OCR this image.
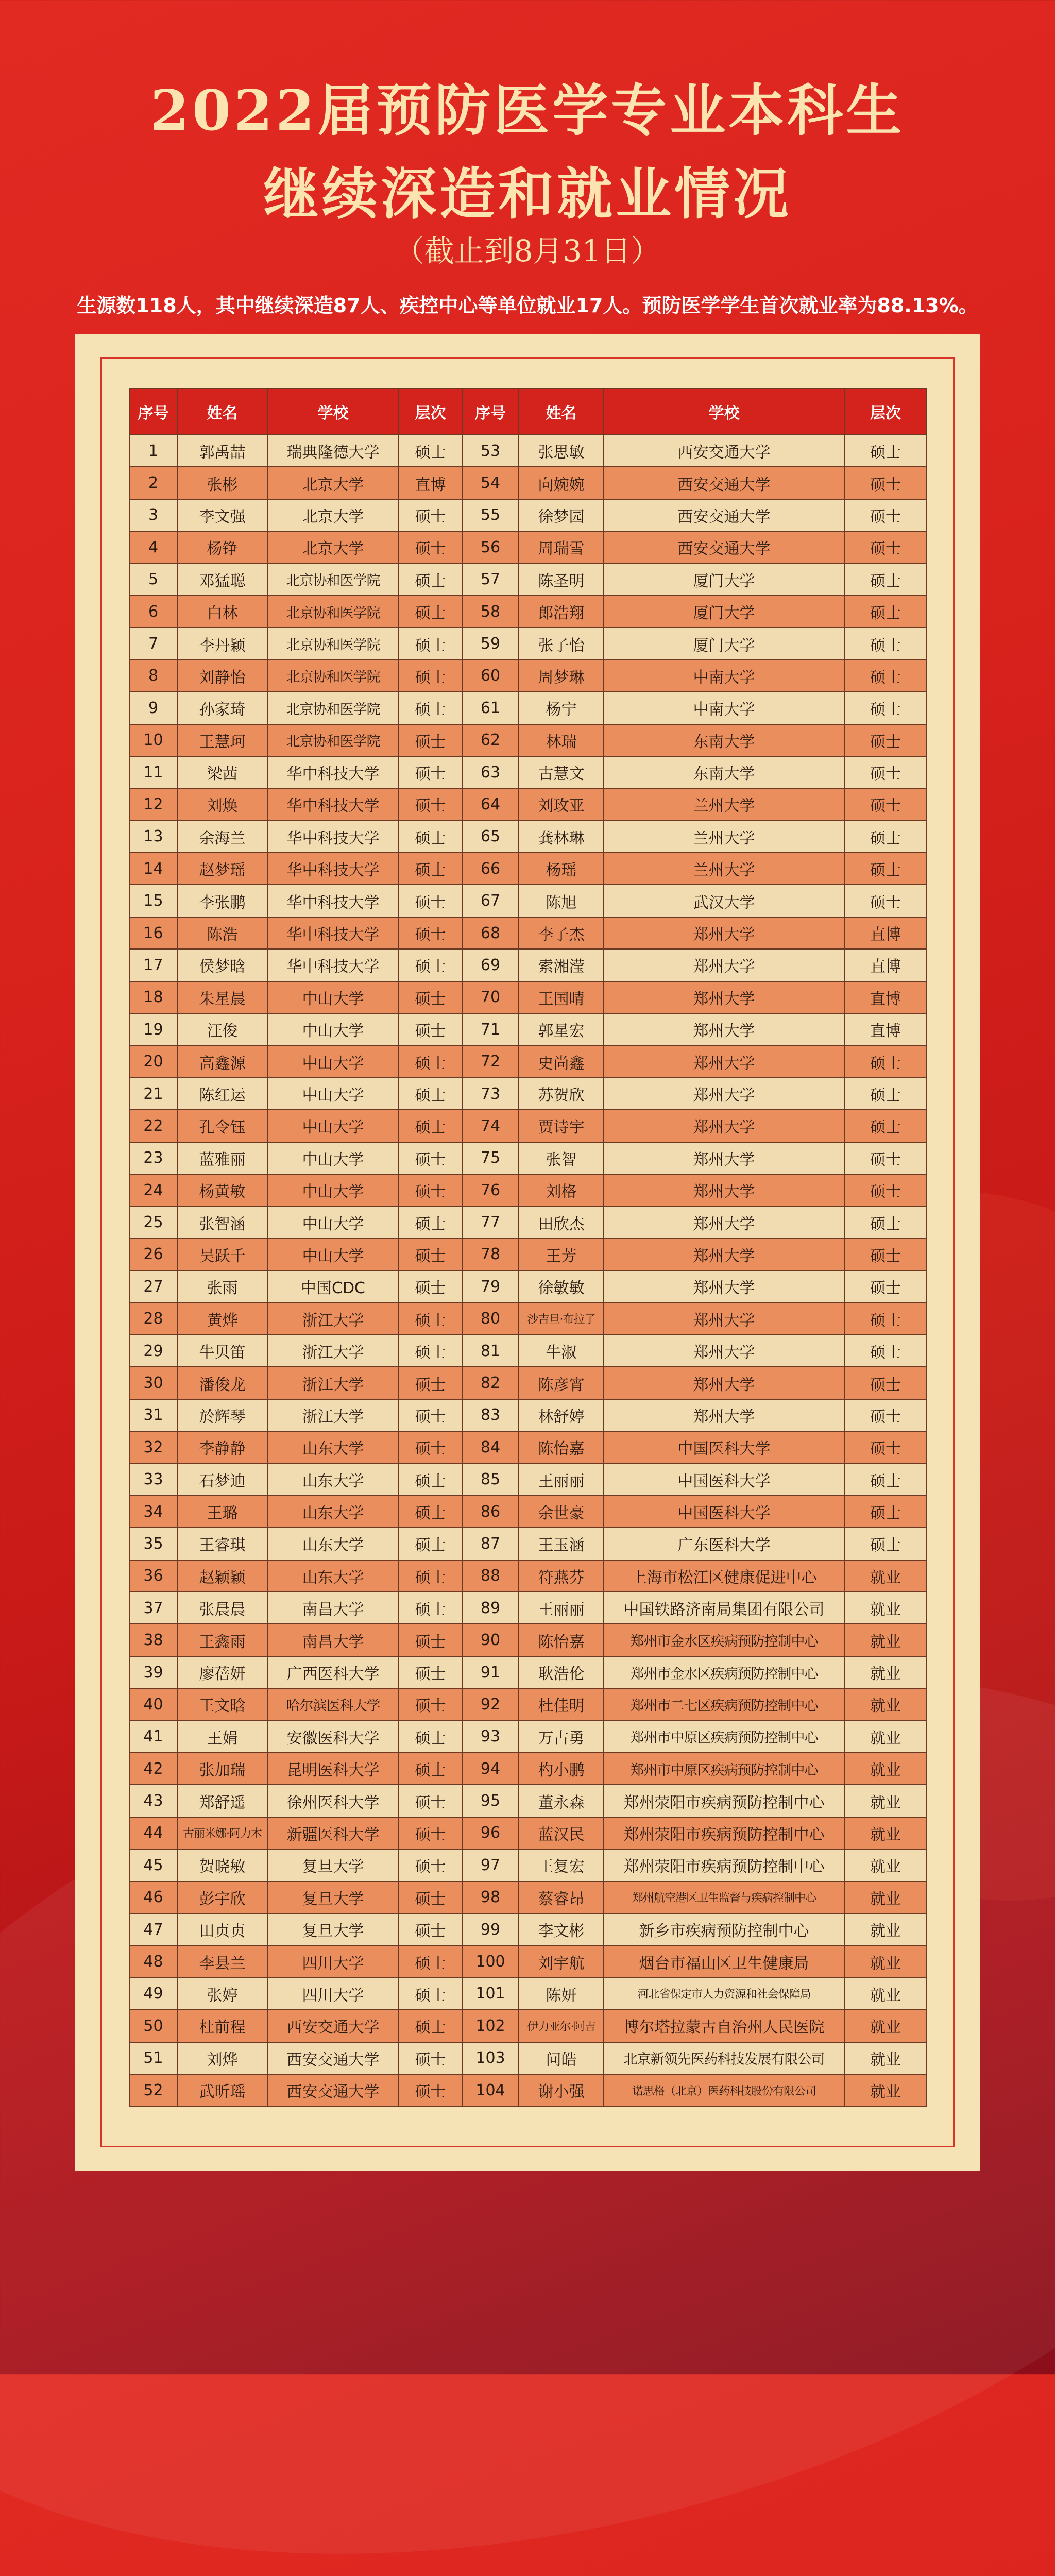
2022届预防医学专业本科生
继续深造和就业情况
（截止到8月31日）
生源数118人，其中继续深造87人、疾控中心等单位就业17人。预防医学学生首次就业率为88.13%。
序号	姓名	学校	层次	序号	姓名	学校	层次
1	郭禹喆	瑞典隆德大学	硕士	53	张思敏	西安交通大学	硕士
2	张彬	北京大学	直博	54	向婉婉	西安交通大学	硕士
3	李文强	北京大学	硕士	55	徐梦园	西安交通大学	硕士
4	杨铮	北京大学	硕士	56	周瑞雪	西安交通大学	硕士
5	邓猛聪	北京协和医学院	硕士	57	陈圣明	厦门大学	硕士
6	白林	北京协和医学院	硕士	58	郎浩翔	厦门大学	硕士
7	李丹颖	北京协和医学院	硕士	59	张子怡	厦门大学	硕士
8	刘静怡	北京协和医学院	硕士	60	周梦琳	中南大学	硕士
9	孙家琦	北京协和医学院	硕士	61	杨宁	中南大学	硕士
10	王慧珂	北京协和医学院	硕士	62	林瑞	东南大学	硕士
11	梁茜	华中科技大学	硕士	63	古慧文	东南大学	硕士
12	刘焕	华中科技大学	硕士	64	刘玫亚	兰州大学	硕士
13	余海兰	华中科技大学	硕士	65	龚林琳	兰州大学	硕士
14	赵梦瑶	华中科技大学	硕士	66	杨瑶	兰州大学	硕士
15	李张鹏	华中科技大学	硕士	67	陈旭	武汉大学	硕士
16	陈浩	华中科技大学	硕士	68	李子杰	郑州大学	直博
17	侯梦晗	华中科技大学	硕士	69	索湘滢	郑州大学	直博
18	朱星晨	中山大学	硕士	70	王国晴	郑州大学	直博
19	汪俊	中山大学	硕士	71	郭星宏	郑州大学	直博
20	高鑫源	中山大学	硕士	72	史尚鑫	郑州大学	硕士
21	陈红运	中山大学	硕士	73	苏贺欣	郑州大学	硕士
22	孔令钰	中山大学	硕士	74	贾诗宇	郑州大学	硕士
23	蓝雅丽	中山大学	硕士	75	张智	郑州大学	硕士
24	杨黄敏	中山大学	硕士	76	刘格	郑州大学	硕士
25	张智涵	中山大学	硕士	77	田欣杰	郑州大学	硕士
26	吴跃千	中山大学	硕士	78	王芳	郑州大学	硕士
27	张雨	中国CDC	硕士	79	徐敏敏	郑州大学	硕士
28	黄烨	浙江大学	硕士	80	沙吉旦·布拉了	郑州大学	硕士
29	牛贝笛	浙江大学	硕士	81	牛淑	郑州大学	硕士
30	潘俊龙	浙江大学	硕士	82	陈彦宵	郑州大学	硕士
31	於辉琴	浙江大学	硕士	83	林舒婷	郑州大学	硕士
32	李静静	山东大学	硕士	84	陈怡嘉	中国医科大学	硕士
33	石梦迪	山东大学	硕士	85	王丽丽	中国医科大学	硕士
34	王璐	山东大学	硕士	86	余世豪	中国医科大学	硕士
35	王睿琪	山东大学	硕士	87	王玉涵	广东医科大学	硕士
36	赵颖颖	山东大学	硕士	88	符燕芬	上海市松江区健康促进中心	就业
37	张晨晨	南昌大学	硕士	89	王丽丽	中国铁路济南局集团有限公司	就业
38	王鑫雨	南昌大学	硕士	90	陈怡嘉	郑州市金水区疾病预防控制中心	就业
39	廖蓓妍	广西医科大学	硕士	91	耿浩伦	郑州市金水区疾病预防控制中心	就业
40	王文晗	哈尔滨医科大学	硕士	92	杜佳明	郑州市二七区疾病预防控制中心	就业
41	王娟	安徽医科大学	硕士	93	万占勇	郑州市中原区疾病预防控制中心	就业
42	张加瑞	昆明医科大学	硕士	94	杓小鹏	郑州市中原区疾病预防控制中心	就业
43	郑舒遥	徐州医科大学	硕士	95	董永森	郑州荥阳市疾病预防控制中心	就业
44	古丽米娜·阿力木	新疆医科大学	硕士	96	蓝汉民	郑州荥阳市疾病预防控制中心	就业
45	贺晓敏	复旦大学	硕士	97	王复宏	郑州荥阳市疾病预防控制中心	就业
46	彭宇欣	复旦大学	硕士	98	蔡睿昂	郑州航空港区卫生监督与疾病控制中心	就业
47	田贞贞	复旦大学	硕士	99	李文彬	新乡市疾病预防控制中心	就业
48	李县兰	四川大学	硕士	100	刘宇航	烟台市福山区卫生健康局	就业
49	张婷	四川大学	硕士	101	陈妍	河北省保定市人力资源和社会保障局	就业
50	杜前程	西安交通大学	硕士	102	伊力亚尔·阿吉	博尔塔拉蒙古自治州人民医院	就业
51	刘烨	西安交通大学	硕士	103	问皓	北京新领先医药科技发展有限公司	就业
52	武昕瑶	西安交通大学	硕士	104	谢小强	诺思格（北京）医药科技股份有限公司	就业
